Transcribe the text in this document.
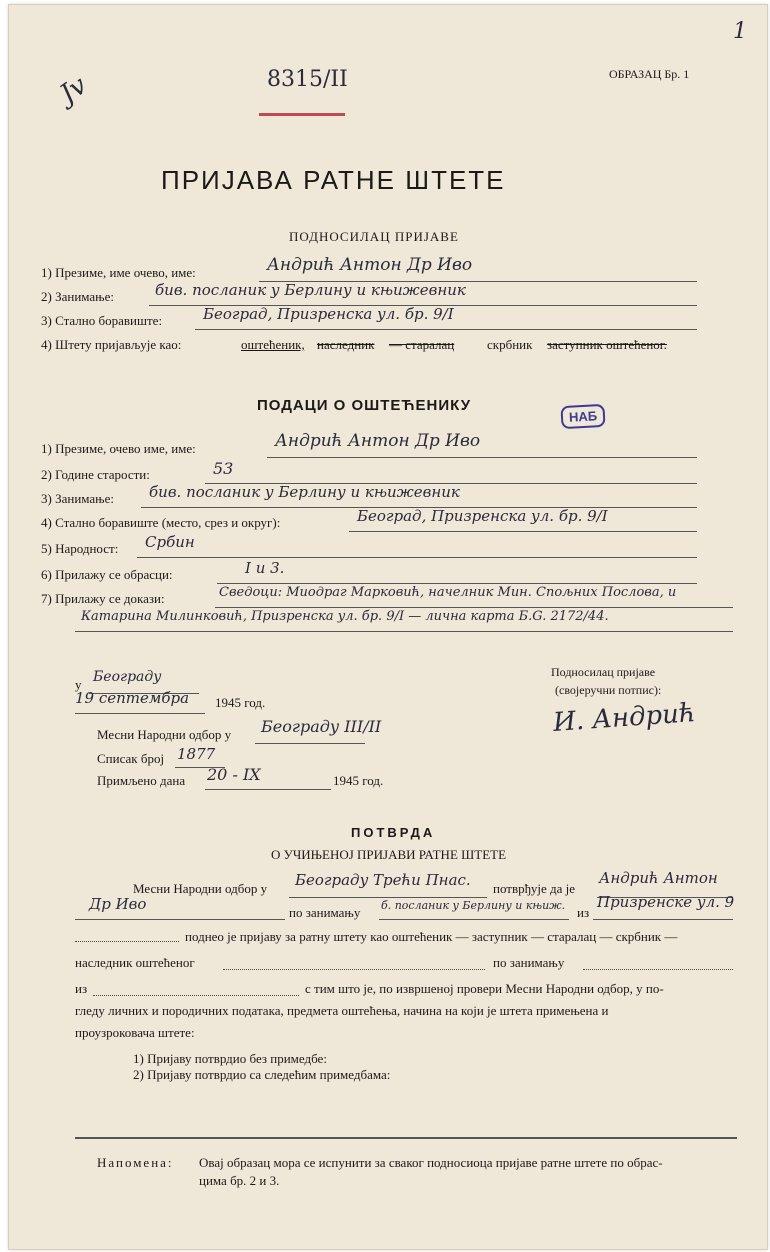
1
Jv	8315/II	ОБРАЗАЦ Бр. 1
ПРИЈАВА РАТНЕ ШТЕТЕ
ПОДНОСИЛАЦ ПРИЈАВЕ
1) Презиме, име очево, име:	Андрић Антон Др Иво
2) Занимање:	бив. посланик у Берлину и књижевник
3) Стално боравиште:	Београд, Призренска ул. бр. 9/I
4) Штету пријављује као:	оштећеник, наследник — старалац	скрбник заступник оштећеног.
ПОДАЦИ О ОШТЕЋЕНИКУ
НАБ
1) Презиме, очево име, име:	Андрић Антон Др Иво
2) Године старости:	53
3) Занимање: бив. посланик у Берлину и књижевник
4) Стално боравиште (место, срез и округ):	Београд, Призренска ул. бр. 9/I
5) Народност: Србин
6) Прилажу се обрасци:	I и 3.
7) Прилажу се докази:	Сведоци: Миодраг Марковић, начелник Мин. Спољних Послова, и
Катарина Милинковић, Призренска ул. бр. 9/I — лична карта Б.G. 2172/44.
у Београду
19 септембра 1945 год.
Подносилац пријаве
(својеручни потпис):
И. Андрић
Месни Народни одбор у Београду III/II
Списак број 1877
Примљено дана 20 - IX	1945 год.
ПОТВРДА
О УЧИЊЕНОЈ ПРИЈАВИ РАТНЕ ШТЕТЕ
Месни Народни одбор у Београду Трећи Пнас. потврђује да је
Андрић Антон
Др Иво	по занимању б. посланик у Берлину и књиж. из
Призренске ул. 9
поднео је пријаву за ратну штету као оштећеник — заступник — старалац — скрбник —
наследник оштећеног	по занимању
из	с тим што је, по извршеној провери Месни Народни одбор, у по-
гледу личних и породичних података, предмета оштећења, начина на који је штета примењена и
проузроковача штете:
1) Пријаву потврдио без примедбе:
2) Пријаву потврдио са следећим примедбама:
Напомена: Овај образац мора се испунити за сваког подносиоца пријаве ратне штете по обрас-
цима бр. 2 и 3.
